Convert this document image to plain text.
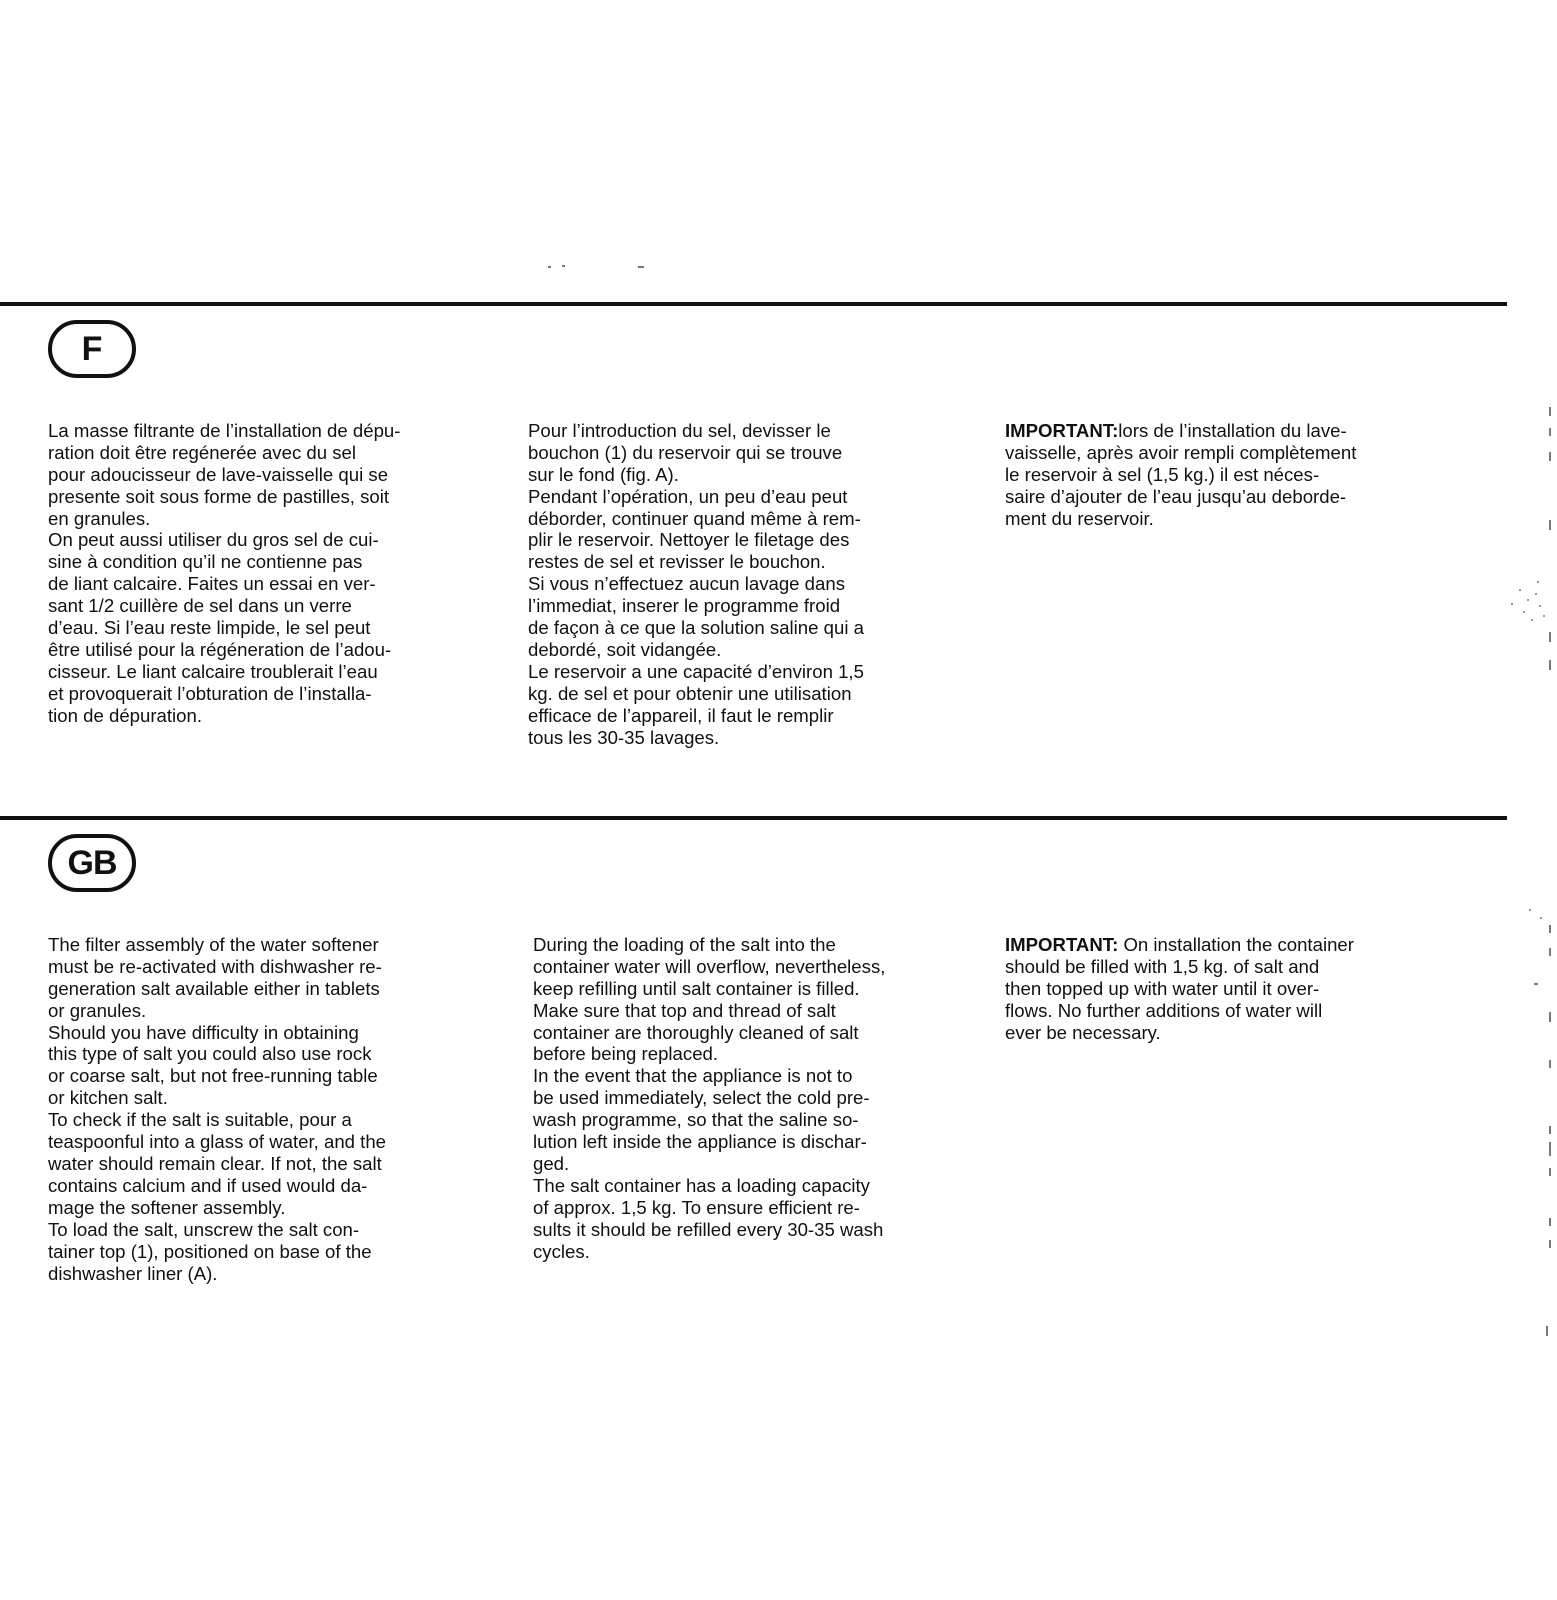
F

La masse filtrante de l’installation de dépu-
ration doit être regénerée avec du sel
pour adoucisseur de lave-vaisselle qui se
presente soit sous forme de pastilles, soit
en granules.
On peut aussi utiliser du gros sel de cui-
sine à condition qu’il ne contienne pas
de liant calcaire. Faites un essai en ver-
sant 1/2 cuillère de sel dans un verre
d’eau. Si l’eau reste limpide, le sel peut
être utilisé pour la régéneration de l’adou-
cisseur. Le liant calcaire troublerait l’eau
et provoquerait l’obturation de l’installa-
tion de dépuration.

Pour l’introduction du sel, devisser le
bouchon (1) du reservoir qui se trouve
sur le fond (fig. A).
Pendant l’opération, un peu d’eau peut
déborder, continuer quand même à rem-
plir le reservoir. Nettoyer le filetage des
restes de sel et revisser le bouchon.
Si vous n’effectuez aucun lavage dans
l’immediat, inserer le programme froid
de façon à ce que la solution saline qui a
debordé, soit vidangée.
Le reservoir a une capacité d’environ 1,5
kg. de sel et pour obtenir une utilisation
efficace de l’appareil, il faut le remplir
tous les 30-35 lavages.

IMPORTANT:lors de l’installation du lave-
vaisselle, après avoir rempli complètement
le reservoir à sel (1,5 kg.) il est néces-
saire d’ajouter de l’eau jusqu’au deborde-
ment du reservoir.

GB

The filter assembly of the water softener
must be re-activated with dishwasher re-
generation salt available either in tablets
or granules.
Should you have difficulty in obtaining
this type of salt you could also use rock
or coarse salt, but not free-running table
or kitchen salt.
To check if the salt is suitable, pour a
teaspoonful into a glass of water, and the
water should remain clear. If not, the salt
contains calcium and if used would da-
mage the softener assembly.
To load the salt, unscrew the salt con-
tainer top (1), positioned on base of the
dishwasher liner (A).

During the loading of the salt into the
container water will overflow, nevertheless,
keep refilling until salt container is filled.
Make sure that top and thread of salt
container are thoroughly cleaned of salt
before being replaced.
In the event that the appliance is not to
be used immediately, select the cold pre-
wash programme, so that the saline so-
lution left inside the appliance is dischar-
ged.
The salt container has a loading capacity
of approx. 1,5 kg. To ensure efficient re-
sults it should be refilled every 30-35 wash
cycles.

IMPORTANT: On installation the container
should be filled with 1,5 kg. of salt and
then topped up with water until it over-
flows. No further additions of water will
ever be necessary.
